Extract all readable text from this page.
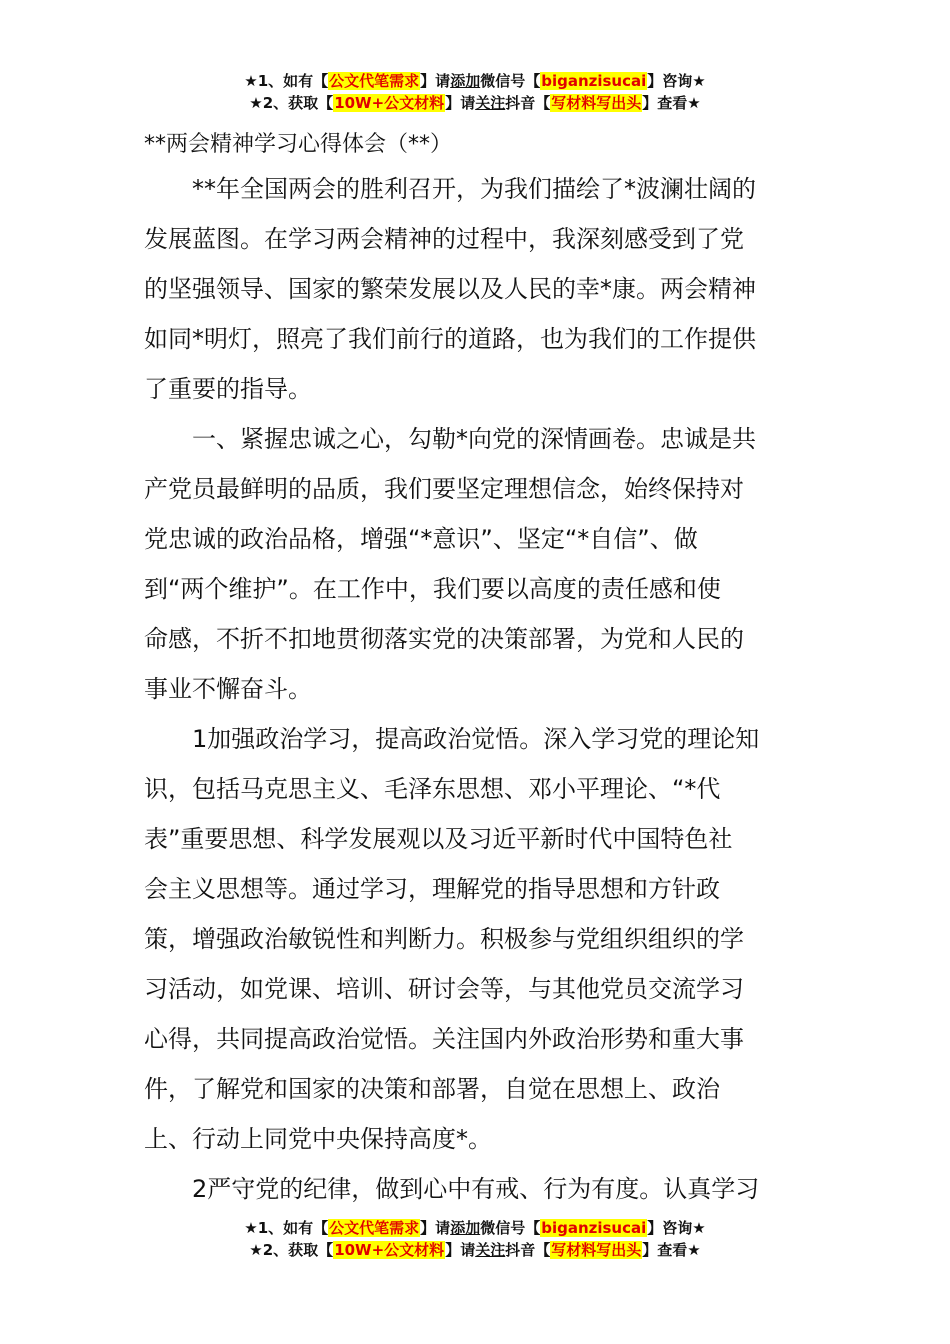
★1、如有【公文代笔需求】请添加微信号【biganzisucai】咨询★
★2、获取【10W+公文材料】请关注抖音【写材料写出头】查看★
**两会精神学习心得体会（**）
**年全国两会的胜利召开，为我们描绘了*波澜壮阔的
发展蓝图。在学习两会精神的过程中，我深刻感受到了党
的坚强领导、国家的繁荣发展以及人民的幸*康。两会精神
如同*明灯，照亮了我们前行的道路，也为我们的工作提供
了重要的指导。
一、紧握忠诚之心，勾勒*向党的深情画卷。忠诚是共
产党员最鲜明的品质，我们要坚定理想信念，始终保持对
党忠诚的政治品格，增强“*意识”、坚定“*自信”、做
到“两个维护”。在工作中，我们要以高度的责任感和使
命感，不折不扣地贯彻落实党的决策部署，为党和人民的
事业不懈奋斗。
1加强政治学习，提高政治觉悟。深入学习党的理论知
识，包括马克思主义、毛泽东思想、邓小平理论、“*代
表”重要思想、科学发展观以及习近平新时代中国特色社
会主义思想等。通过学习，理解党的指导思想和方针政
策，增强政治敏锐性和判断力。积极参与党组织组织的学
习活动，如党课、培训、研讨会等，与其他党员交流学习
心得，共同提高政治觉悟。关注国内外政治形势和重大事
件，了解党和国家的决策和部署，自觉在思想上、政治
上、行动上同党中央保持高度*。
2严守党的纪律，做到心中有戒、行为有度。认真学习
★1、如有【公文代笔需求】请添加微信号【biganzisucai】咨询★
★2、获取【10W+公文材料】请关注抖音【写材料写出头】查看★
